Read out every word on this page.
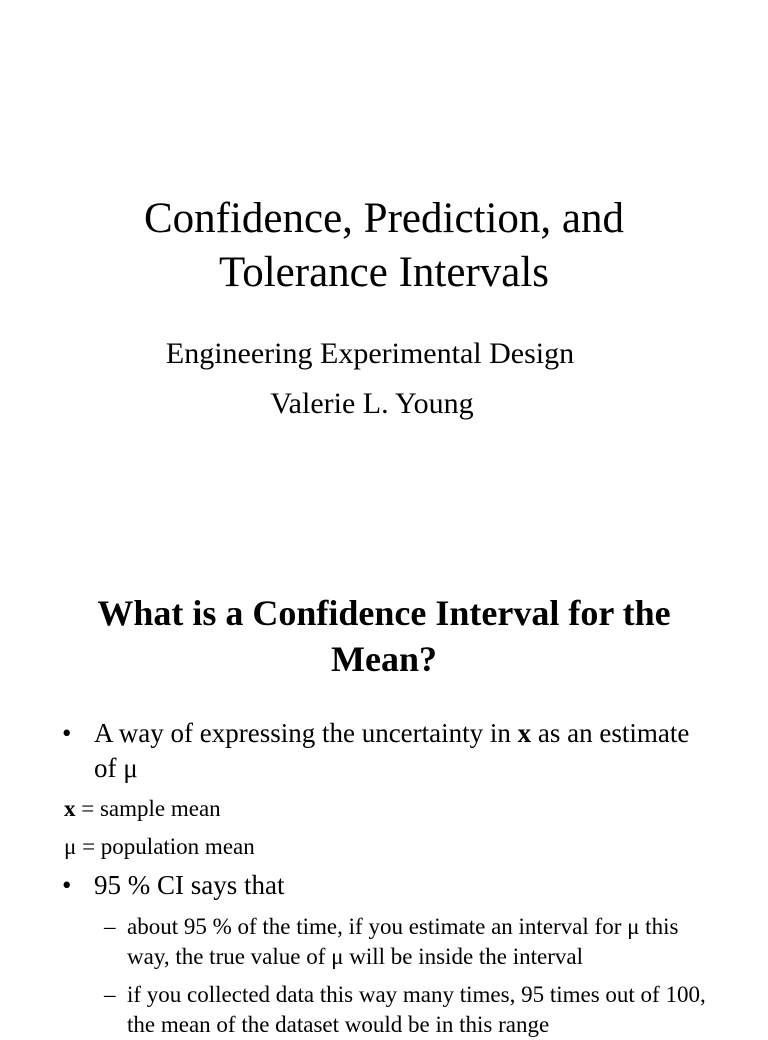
Confidence, Prediction, and
Tolerance Intervals
Engineering Experimental Design
Valerie L. Young
What is a Confidence Interval for the
Mean?
• A way of expressing the uncertainty in x as an estimate of μ
x = sample mean
μ = population mean
• 95 % CI says that
– about 95 % of the time, if you estimate an interval for μ this way, the true value of μ will be inside the interval
– if you collected data this way many times, 95 times out of 100, the mean of the dataset would be in this range
